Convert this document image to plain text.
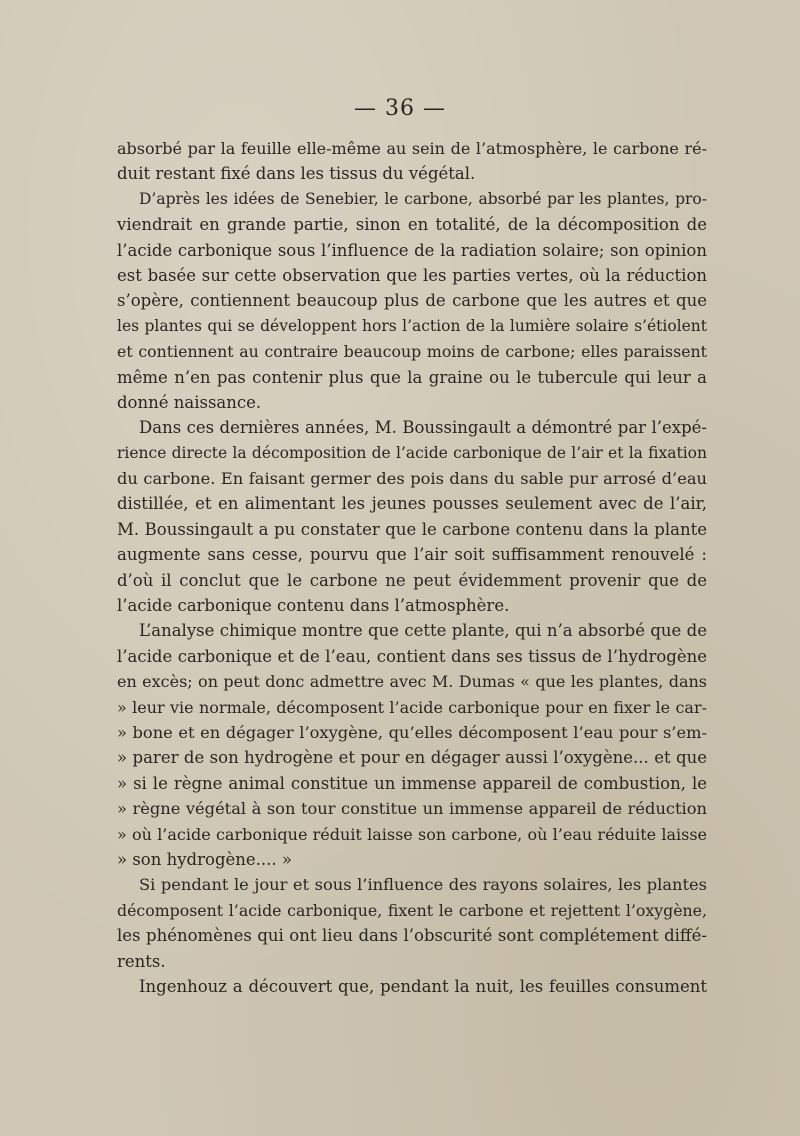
— 36 —
absorbé par la feuille elle-même au sein de l’atmosphère, le carbone ré-
duit restant fixé dans les tissus du végétal.
D’après les idées de Senebier, le carbone, absorbé par les plantes, pro-
viendrait en grande partie, sinon en totalité, de la décomposition de
l’acide carbonique sous l’influence de la radiation solaire; son opinion
est basée sur cette observation que les parties vertes, où la réduction
s’opère, contiennent beaucoup plus de carbone que les autres et que
les plantes qui se développent hors l’action de la lumière solaire s’étiolent
et contiennent au contraire beaucoup moins de carbone; elles paraissent
même n’en pas contenir plus que la graine ou le tubercule qui leur a
donné naissance.
Dans ces dernières années, M. Boussingault a démontré par l’expé-
rience directe la décomposition de l’acide carbonique de l’air et la fixation
du carbone. En faisant germer des pois dans du sable pur arrosé d’eau
distillée, et en alimentant les jeunes pousses seulement avec de l’air,
M. Boussingault a pu constater que le carbone contenu dans la plante
augmente sans cesse, pourvu que l’air soit suffisamment renouvelé :
d’où il conclut que le carbone ne peut évidemment provenir que de
l’acide carbonique contenu dans l’atmosphère.
L’analyse chimique montre que cette plante, qui n’a absorbé que de
l’acide carbonique et de l’eau, contient dans ses tissus de l’hydrogène
en excès; on peut donc admettre avec M. Dumas « que les plantes, dans
» leur vie normale, décomposent l’acide carbonique pour en fixer le car-
» bone et en dégager l’oxygène, qu’elles décomposent l’eau pour s’em-
» parer de son hydrogène et pour en dégager aussi l’oxygène... et que
» si le règne animal constitue un immense appareil de combustion, le
» règne végétal à son tour constitue un immense appareil de réduction
» où l’acide carbonique réduit laisse son carbone, où l’eau réduite laisse
» son hydrogène.... »
Si pendant le jour et sous l’influence des rayons solaires, les plantes
décomposent l’acide carbonique, fixent le carbone et rejettent l’oxygène,
les phénomènes qui ont lieu dans l’obscurité sont complétement diffé-
rents.
Ingenhouz a découvert que, pendant la nuit, les feuilles consument
